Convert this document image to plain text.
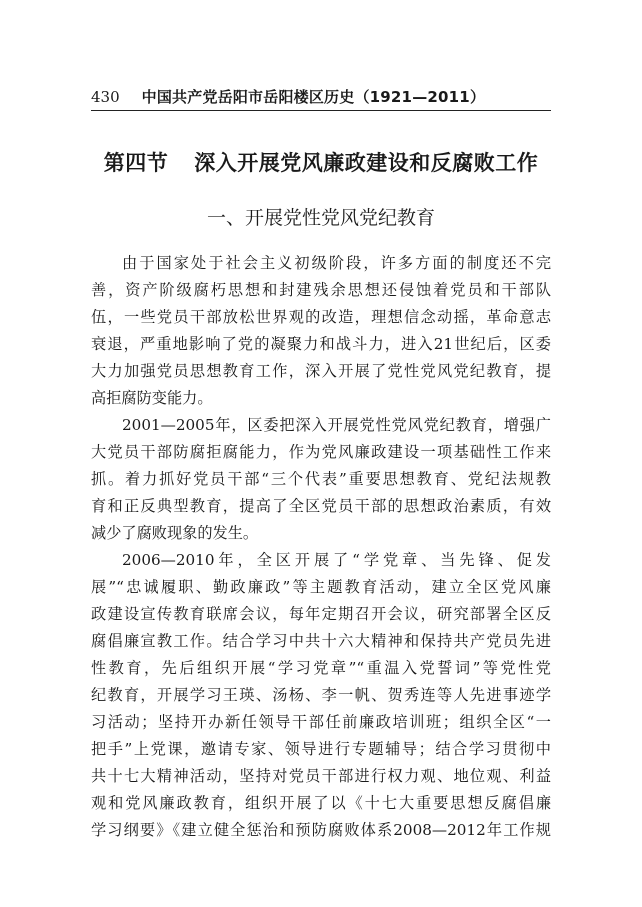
430 中国共产党岳阳市岳阳楼区历史（1921—2011）
第四节 深入开展党风廉政建设和反腐败工作
一、开展党性党风党纪教育
由于国家处于社会主义初级阶段，许多方面的制度还不完
善，资产阶级腐朽思想和封建残余思想还侵蚀着党员和干部队
伍，一些党员干部放松世界观的改造，理想信念动摇，革命意志
衰退，严重地影响了党的凝聚力和战斗力，进入21世纪后，区委
大力加强党员思想教育工作，深入开展了党性党风党纪教育，提
高拒腐防变能力。
2001—2005年，区委把深入开展党性党风党纪教育，增强广
大党员干部防腐拒腐能力，作为党风廉政建设一项基础性工作来
抓。着力抓好党员干部“三个代表”重要思想教育、党纪法规教
育和正反典型教育，提高了全区党员干部的思想政治素质，有效
减少了腐败现象的发生。
2006—2010年，全区开展了“学党章、当先锋、促发
展”“忠诚履职、勤政廉政”等主题教育活动，建立全区党风廉
政建设宣传教育联席会议，每年定期召开会议，研究部署全区反
腐倡廉宣教工作。结合学习中共十六大精神和保持共产党员先进
性教育，先后组织开展“学习党章”“重温入党誓词”等党性党
纪教育，开展学习王瑛、汤杨、李一帆、贺秀连等人先进事迹学
习活动；坚持开办新任领导干部任前廉政培训班；组织全区“一
把手”上党课，邀请专家、领导进行专题辅导；结合学习贯彻中
共十七大精神活动，坚持对党员干部进行权力观、地位观、利益
观和党风廉政教育，组织开展了以《十七大重要思想反腐倡廉
学习纲要》《建立健全惩治和预防腐败体系2008—2012年工作规
